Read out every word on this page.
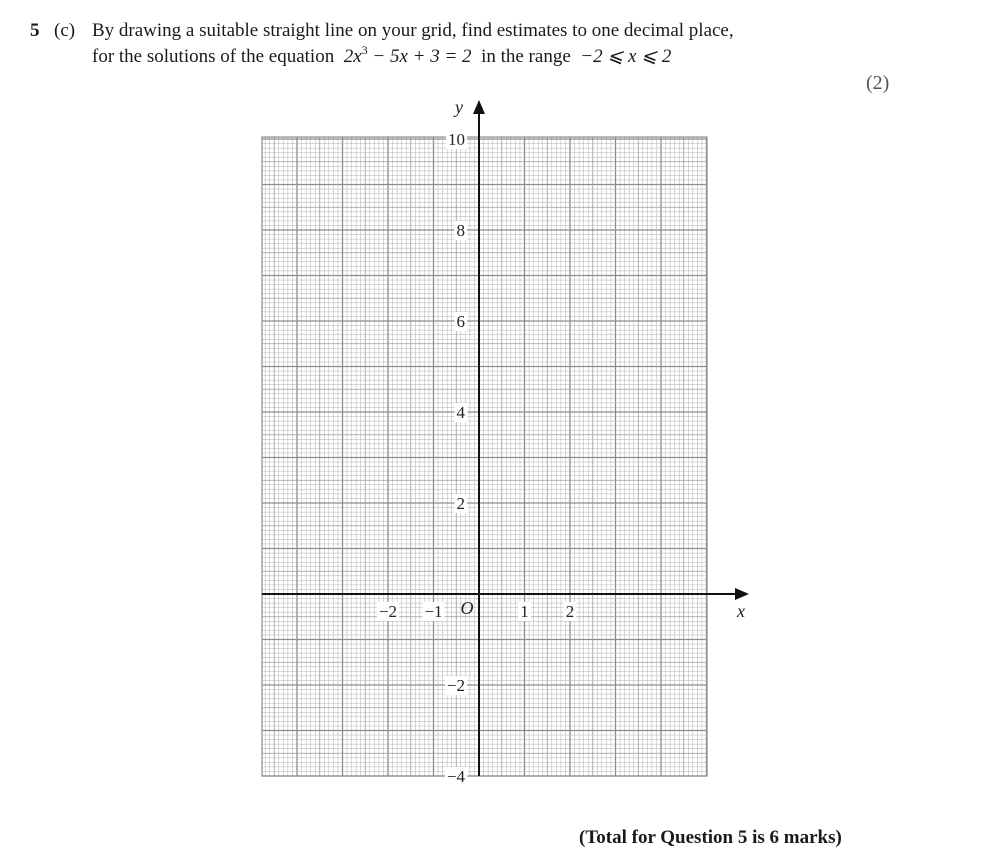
5 (c) By drawing a suitable straight line on your grid, find estimates to one decimal place,
for the solutions of the equation $2x^3 - 5x + 3 = 2$ in the range −2 ⩽ x ⩽ 2
(2)
−2 −1	1 2
−4
−2
2
4
6
8
10
O	x
y
(Total for Question 5 is 6 marks)
